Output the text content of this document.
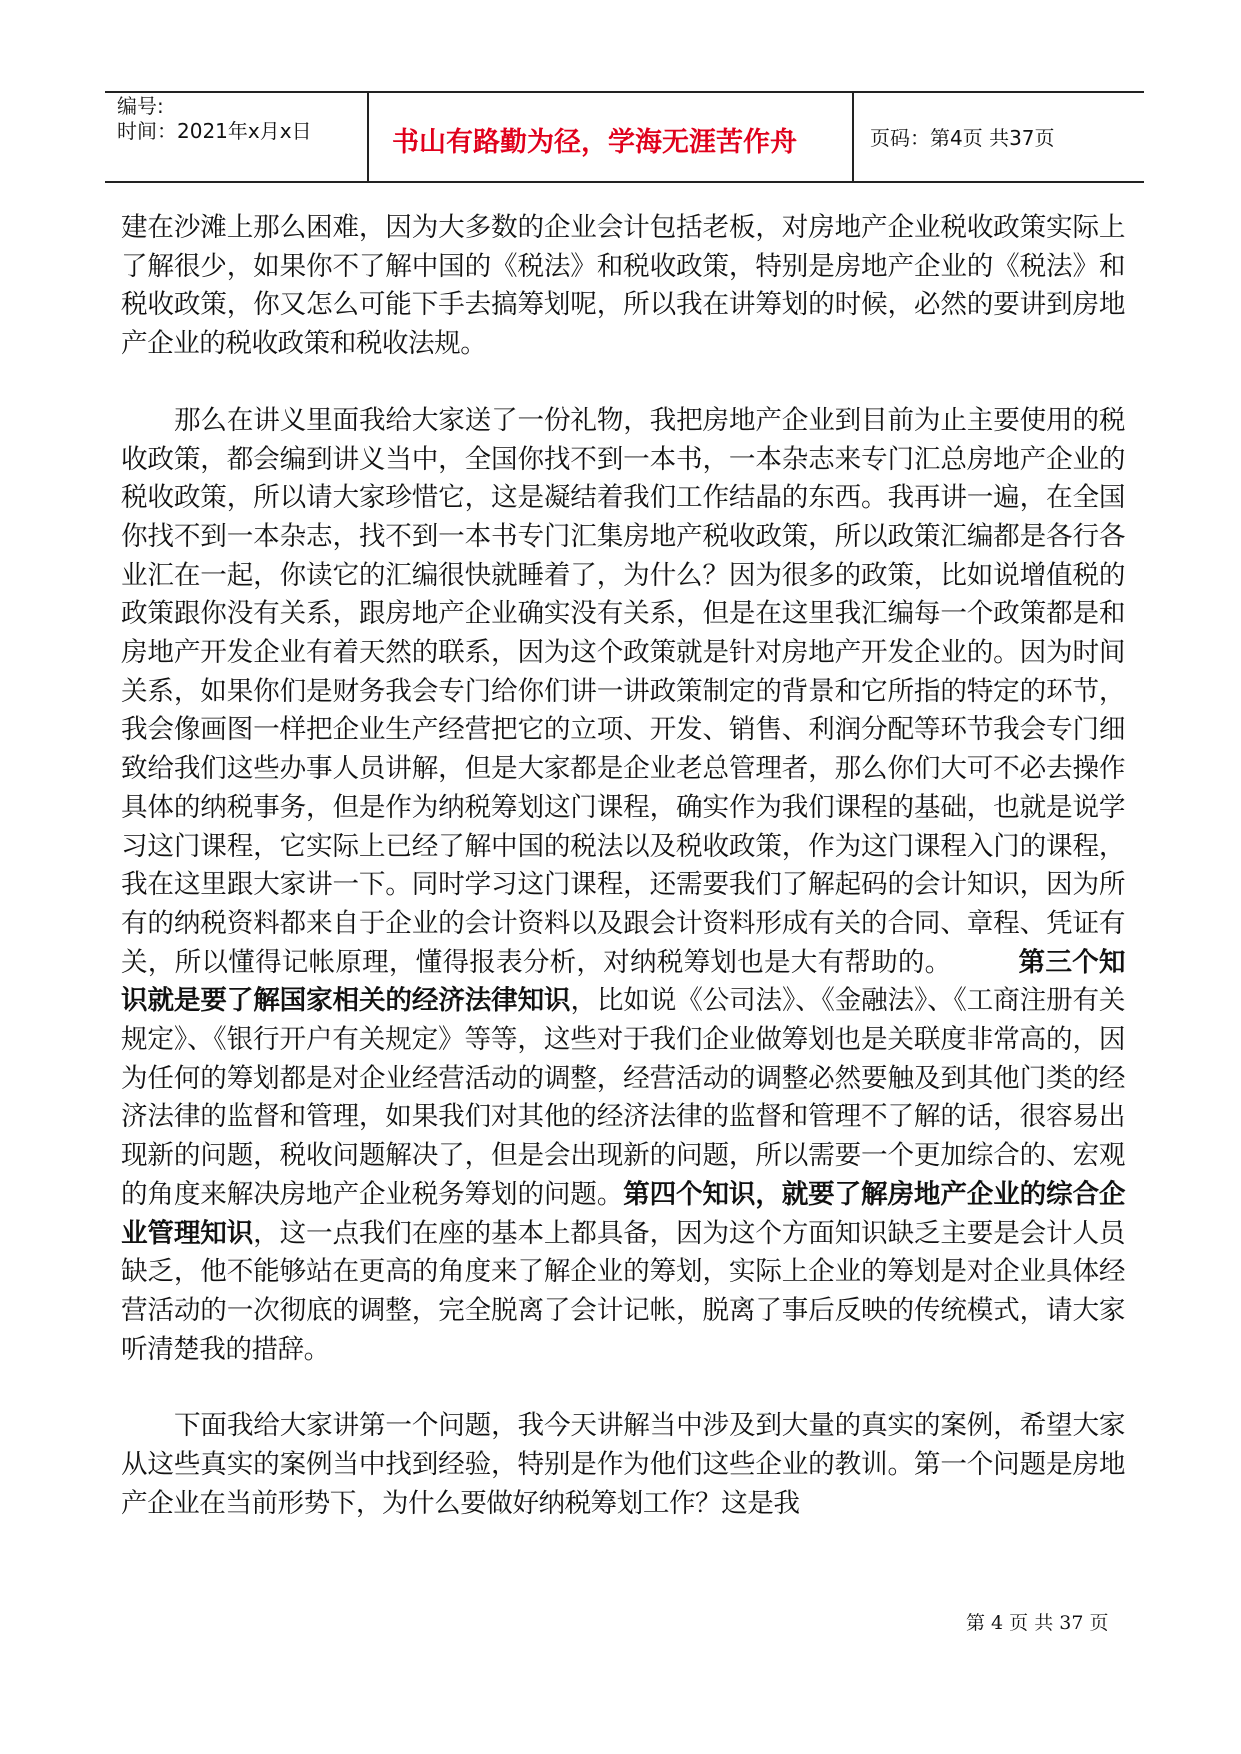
编号:
时间：2021年x月x日	书山有路勤为径，学海无涯苦作舟	页码：第4页 共37页

建在沙滩上那么困难，因为大多数的企业会计包括老板，对房地产企业税收政策实际上了解很少，如果你不了解中国的《税法》和税收政策，特别是房地产企业的《税法》和税收政策，你又怎么可能下手去搞筹划呢，所以我在讲筹划的时候，必然的要讲到房地产企业的税收政策和税收法规。

那么在讲义里面我给大家送了一份礼物，我把房地产企业到目前为止主要使用的税收政策，都会编到讲义当中，全国你找不到一本书，一本杂志来专门汇总房地产企业的税收政策，所以请大家珍惜它，这是凝结着我们工作结晶的东西。我再讲一遍，在全国你找不到一本杂志，找不到一本书专门汇集房地产税收政策，所以政策汇编都是各行各业汇在一起，你读它的汇编很快就睡着了，为什么？因为很多的政策，比如说增值税的政策跟你没有关系，跟房地产企业确实没有关系，但是在这里我汇编每一个政策都是和房地产开发企业有着天然的联系，因为这个政策就是针对房地产开发企业的。因为时间关系，如果你们是财务我会专门给你们讲一讲政策制定的背景和它所指的特定的环节，我会像画图一样把企业生产经营把它的立项、开发、销售、利润分配等环节我会专门细致给我们这些办事人员讲解，但是大家都是企业老总管理者，那么你们大可不必去操作具体的纳税事务，但是作为纳税筹划这门课程，确实作为我们课程的基础，也就是说学习这门课程，它实际上已经了解中国的税法以及税收政策，作为这门课程入门的课程，我在这里跟大家讲一下。同时学习这门课程，还需要我们了解起码的会计知识，因为所有的纳税资料都来自于企业的会计资料以及跟会计资料形成有关的合同、章程、凭证有关，所以懂得记帐原理，懂得报表分析，对纳税筹划也是大有帮助的。　　　	第三个知识就是要了解国家相关的经济法律知识，比如说《公司法》、《金融法》、《工商注册有关规定》、《银行开户有关规定》等等，这些对于我们企业做筹划也是关联度非常高的，因为任何的筹划都是对企业经营活动的调整，经营活动的调整必然要触及到其他门类的经济法律的监督和管理，如果我们对其他的经济法律的监督和管理不了解的话，很容易出现新的问题，税收问题解决了，但是会出现新的问题，所以需要一个更加综合的、宏观的角度来解决房地产企业税务筹划的问题。第四个知识，就要了解房地产企业的综合企业管理知识，这一点我们在座的基本上都具备，因为这个方面知识缺乏主要是会计人员缺乏，他不能够站在更高的角度来了解企业的筹划，实际上企业的筹划是对企业具体经营活动的一次彻底的调整，完全脱离了会计记帐，脱离了事后反映的传统模式，请大家听清楚我的措辞。

下面我给大家讲第一个问题，我今天讲解当中涉及到大量的真实的案例，希望大家从这些真实的案例当中找到经验，特别是作为他们这些企业的教训。第一个问题是房地产企业在当前形势下，为什么要做好纳税筹划工作？这是我

第 4 页 共 37 页
